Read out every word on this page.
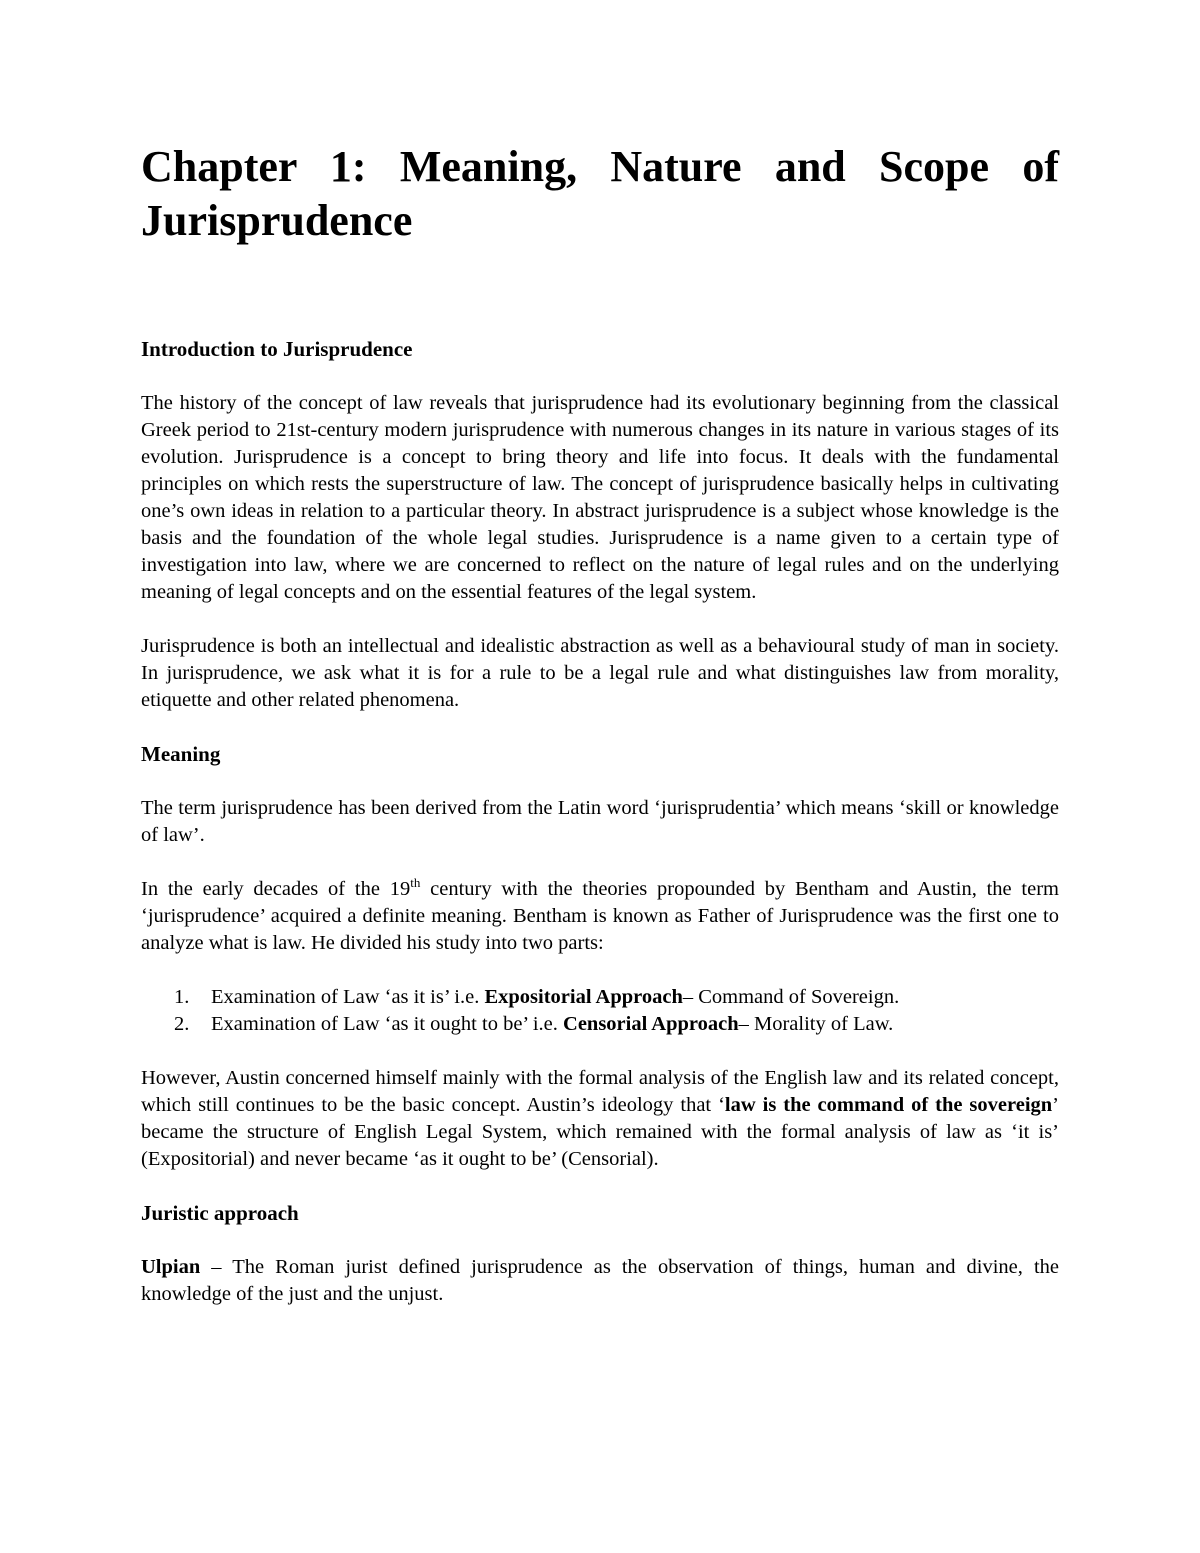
Chapter 1: Meaning, Nature and Scope of
Jurisprudence
Introduction to Jurisprudence

The history of the concept of law reveals that jurisprudence had its evolutionary beginning from the classical Greek period to 21st-century modern jurisprudence with numerous changes in its nature in various stages of its evolution. Jurisprudence is a concept to bring theory and life into focus. It deals with the fundamental principles on which rests the superstructure of law. The concept of jurisprudence basically helps in cultivating one’s own ideas in relation to a particular theory. In abstract jurisprudence is a subject whose knowledge is the basis and the foundation of the whole legal studies. Jurisprudence is a name given to a certain type of investigation into law, where we are concerned to reflect on the nature of legal rules and on the underlying meaning of legal concepts and on the essential features of the legal system.

Jurisprudence is both an intellectual and idealistic abstraction as well as a behavioural study of man in society. In jurisprudence, we ask what it is for a rule to be a legal rule and what distinguishes law from morality, etiquette and other related phenomena.

Meaning

The term jurisprudence has been derived from the Latin word ‘jurisprudentia’ which means ‘skill or knowledge of law’.

In the early decades of the 19th century with the theories propounded by Bentham and Austin, the term ‘jurisprudence’ acquired a definite meaning. Bentham is known as Father of Jurisprudence was the first one to analyze what is law. He divided his study into two parts:

1. Examination of Law ‘as it is’ i.e. Expositorial Approach– Command of Sovereign.
2. Examination of Law ‘as it ought to be’ i.e. Censorial Approach– Morality of Law.

However, Austin concerned himself mainly with the formal analysis of the English law and its related concept, which still continues to be the basic concept. Austin’s ideology that ‘law is the command of the sovereign’ became the structure of English Legal System, which remained with the formal analysis of law as ‘it is’ (Expositorial) and never became ‘as it ought to be’ (Censorial).

Juristic approach

Ulpian – The Roman jurist defined jurisprudence as the observation of things, human and divine, the knowledge of the just and the unjust.
